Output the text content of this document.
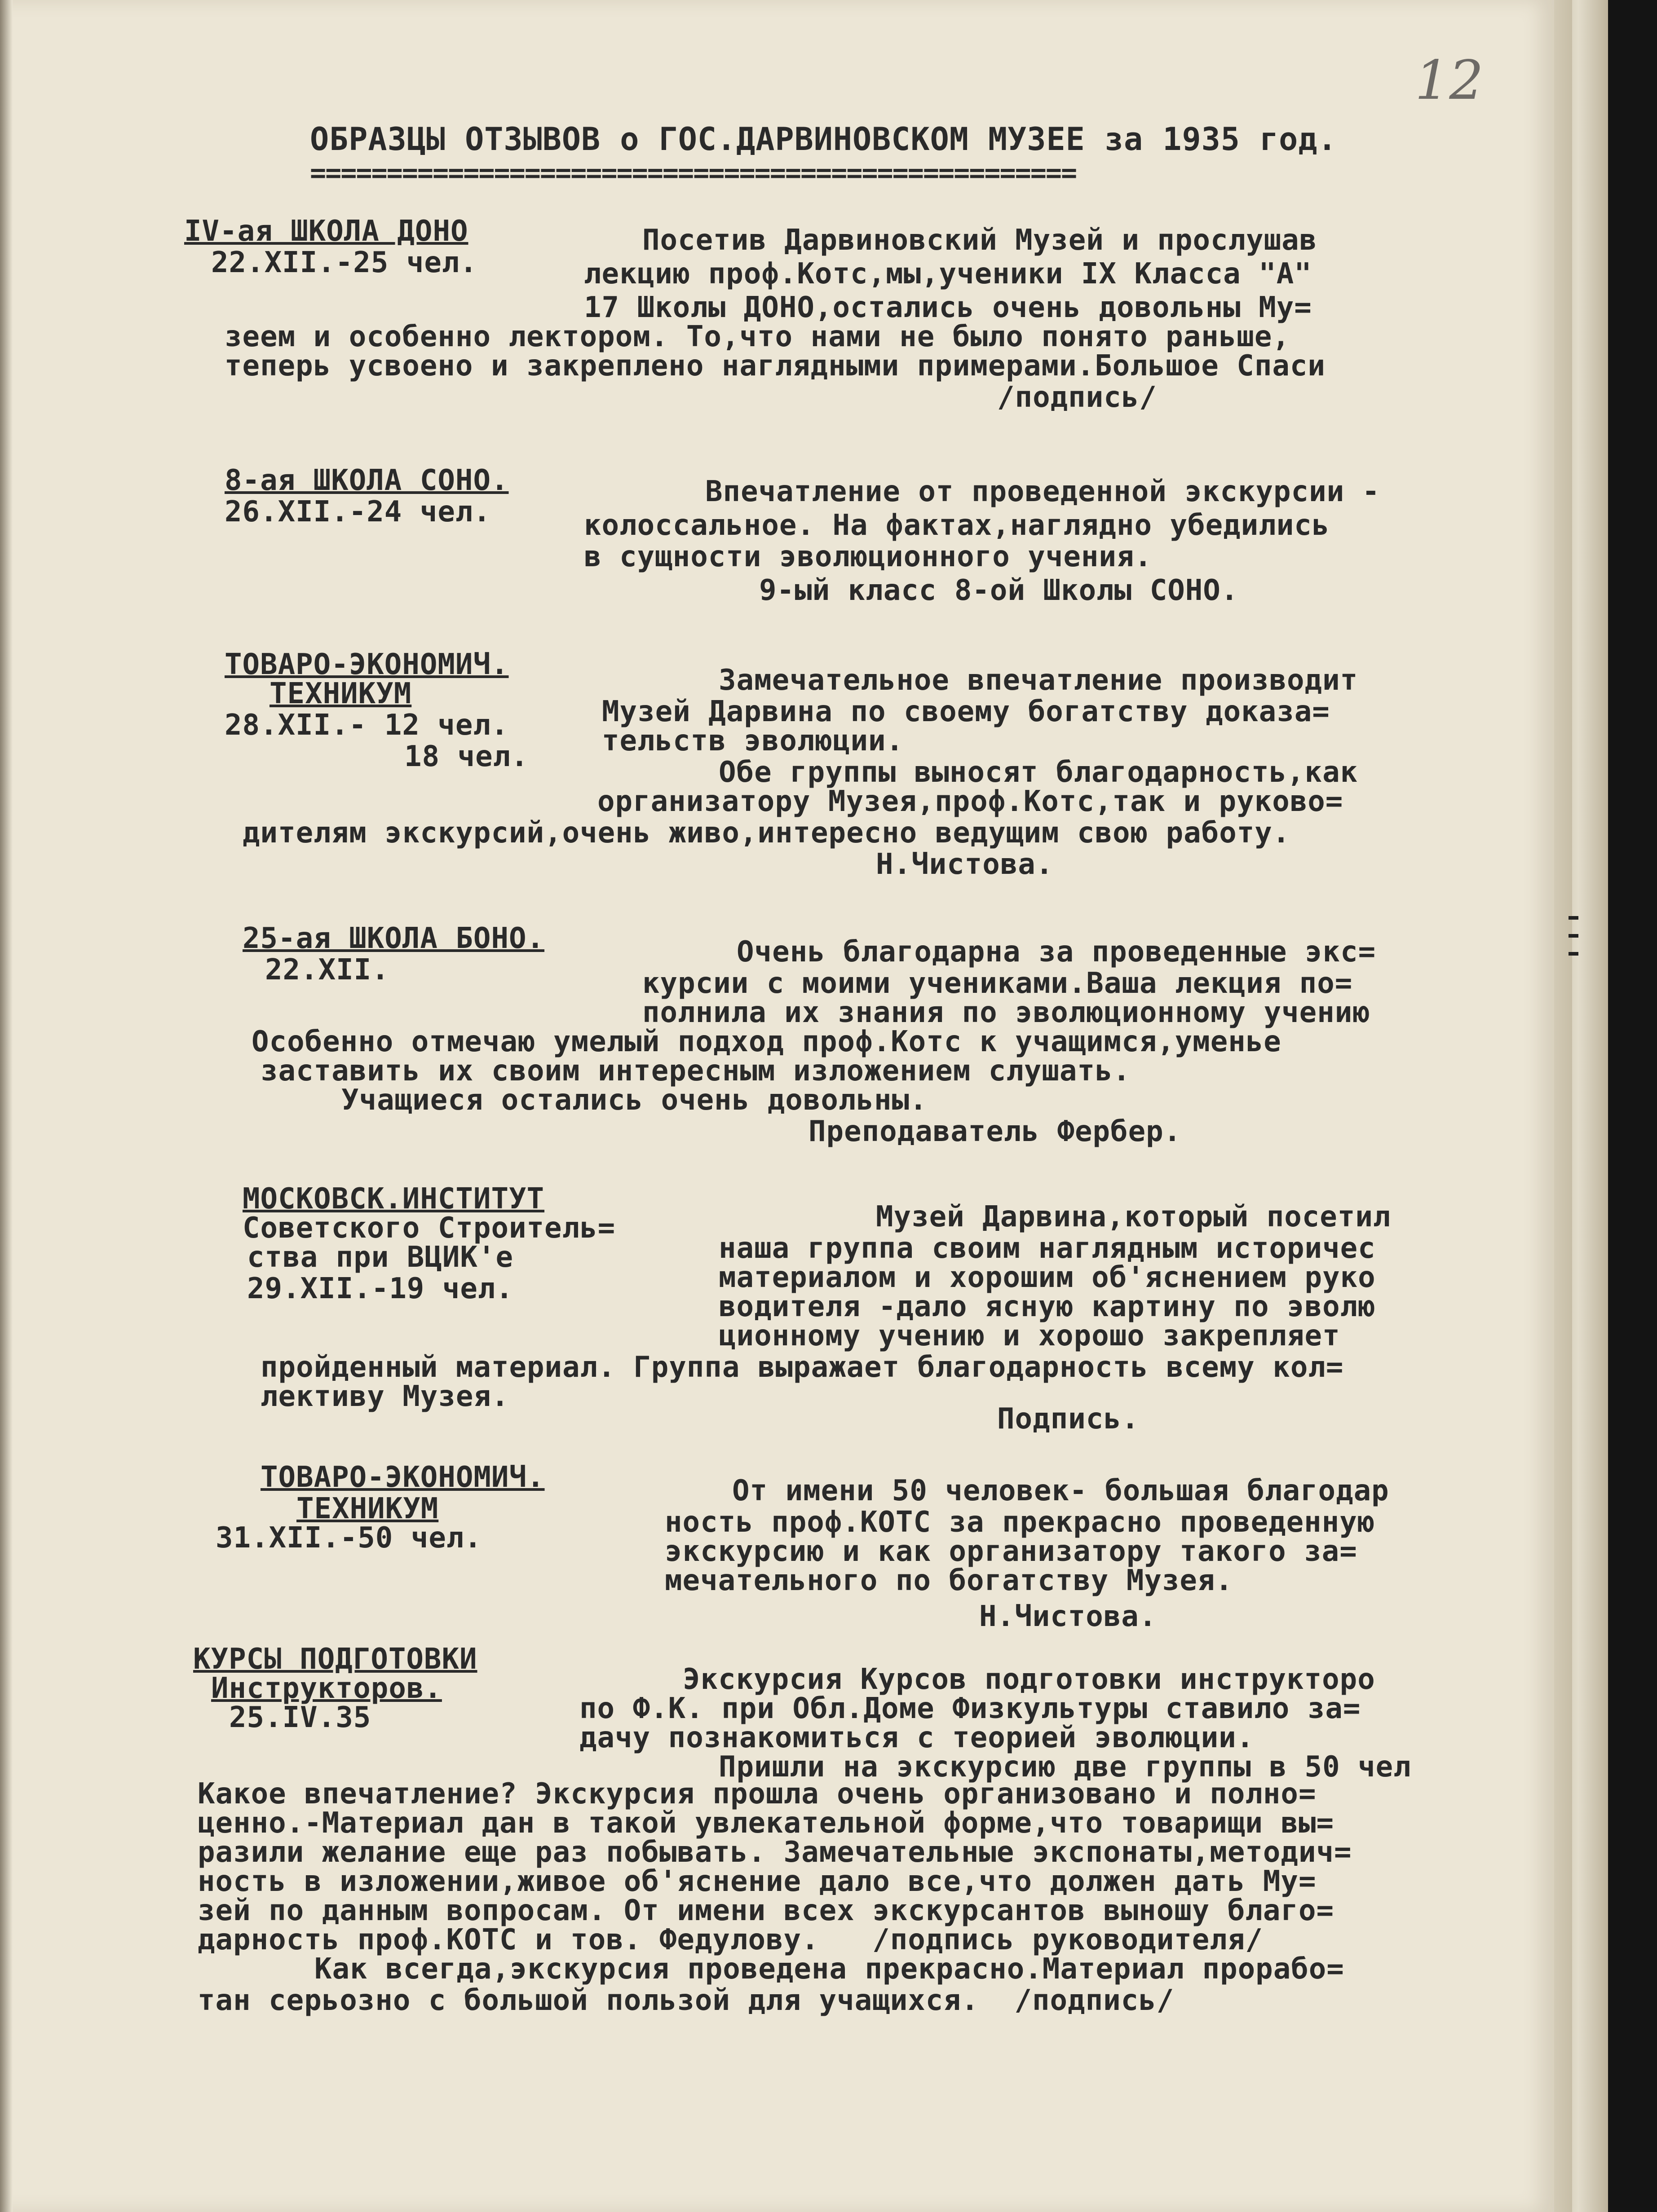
12
ОБРАЗЦЫ ОТЗЫВОВ о ГОС.ДАРВИНОВСКОМ МУЗЕЕ за 1935 год.
==================================================
IV-ая ШКОЛА ДОНО
22.XII.-25 чел.
Посетив Дарвиновский Музей и прослушав
лекцию проф.Котс,мы,ученики IX Класса "А"
17 Школы ДОНО,остались очень довольны Му=
зеем и особенно лектором. То,что нами не было понято раньше,
теперь усвоено и закреплено наглядными примерами.Большое Спаси
/подпись/
8-ая ШКОЛА СОНО.
26.XII.-24 чел.
Впечатление от проведенной экскурсии -
колоссальное. На фактах,наглядно убедились
в сущности эволюционного учения.
9-ый класс 8-ой Школы СОНО.
ТОВАРО-ЭКОНОМИЧ.
ТЕХНИКУМ
28.XII.- 12 чел.
18 чел.
Замечательное впечатление производит
Музей Дарвина по своему богатству доказа=
тельств эволюции.
Обе группы выносят благодарность,как
организатору Музея,проф.Котс,так и руково=
дителям экскурсий,очень живо,интересно ведущим свою работу.
Н.Чистова.
25-ая ШКОЛА БОНО.
22.XII.
Очень благодарна за проведенные экс=
курсии с моими учениками.Ваша лекция по=
полнила их знания по эволюционному учению
Особенно отмечаю умелый подход проф.Котс к учащимся,уменье
заставить их своим интересным изложением слушать.
Учащиеся остались очень довольны.
Преподаватель Фербер.
МОСКОВСК.ИНСТИТУТ
Советского Строитель=
ства при ВЦИК'е
29.XII.-19 чел.
Музей Дарвина,который посетил
наша группа своим наглядным историчес
материалом и хорошим об'яснением руко
водителя -дало ясную картину по эволю
ционному учению и хорошо закрепляет
пройденный материал. Группа выражает благодарность всему кол=
лективу Музея.
Подпись.
ТОВАРО-ЭКОНОМИЧ.
ТЕХНИКУМ
31.XII.-50 чел.
От имени 50 человек- большая благодар
ность проф.КОТС за прекрасно проведенную
экскурсию и как организатору такого за=
мечательного по богатству Музея.
Н.Чистова.
КУРСЫ ПОДГОТОВКИ
Инструкторов.
25.IV.35
Экскурсия Курсов подготовки инструкторо
по Ф.К. при Обл.Доме Физкультуры ставило за=
дачу познакомиться с теорией эволюции.
Пришли на экскурсию две группы в 50 чел
Какое впечатление? Экскурсия прошла очень организовано и полно=
ценно.-Материал дан в такой увлекательной форме,что товарищи вы=
разили желание еще раз побывать. Замечательные экспонаты,методич=
ность в изложении,живое об'яснение дало все,что должен дать Му=
зей по данным вопросам. От имени всех экскурсантов выношу благо=
дарность проф.КОТС и тов. Федулову.   /подпись руководителя/
Как всегда,экскурсия проведена прекрасно.Материал прорабо=
тан серьозно с большой пользой для учащихся.  /подпись/
